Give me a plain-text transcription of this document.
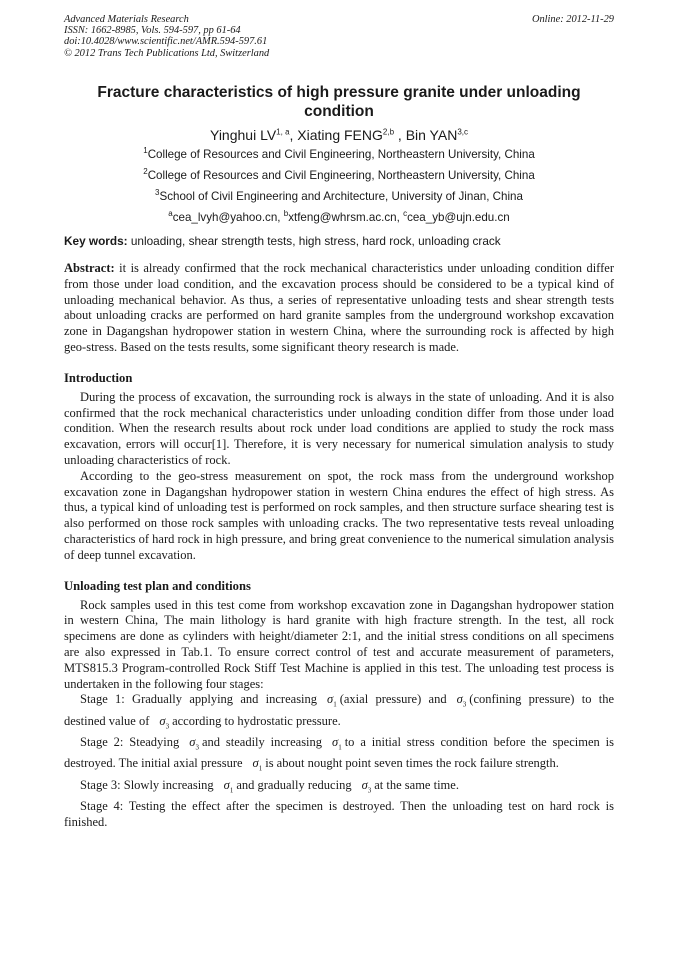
Advanced Materials Research
ISSN: 1662-8985, Vols. 594-597, pp 61-64
doi:10.4028/www.scientific.net/AMR.594-597.61
© 2012 Trans Tech Publications Ltd, Switzerland
Online: 2012-11-29
Fracture characteristics of high pressure granite under unloading condition
Yinghui LV$^{1, a}$, Xiating FENG$^{2,b}$ , Bin YAN$^{3,c}$
$^1$College of Resources and Civil Engineering, Northeastern University, China
$^2$College of Resources and Civil Engineering, Northeastern University, China
$^3$School of Civil Engineering and Architecture, University of Jinan, China
$^a$cea_lvyh@yahoo.cn, $^b$xtfeng@whrsm.ac.cn, $^c$cea_yb@ujn.edu.cn
Key words: unloading, shear strength tests, high stress, hard rock, unloading crack
Abstract: it is already confirmed that the rock mechanical characteristics under unloading condition differ from those under load condition, and the excavation process should be considered to be a typical kind of unloading mechanical behavior. As thus, a series of representative unloading tests and shear strength tests about unloading cracks are performed on hard granite samples from the underground workshop excavation zone in Dagangshan hydropower station in western China, where the surrounding rock is affected by high geo-stress. Based on the tests results, some significant theory research is made.
Introduction

During the process of excavation, the surrounding rock is always in the state of unloading. And it is also confirmed that the rock mechanical characteristics under unloading condition differ from those under load condition. When the research results about rock under load conditions are applied to study the rock mass excavation, errors will occur[1]. Therefore, it is very necessary for numerical simulation analysis to study unloading characteristics of rock.

According to the geo-stress measurement on spot, the rock mass from the underground workshop excavation zone in Dagangshan hydropower station in western China endures the effect of high stress. As thus, a typical kind of unloading test is performed on rock samples, and then structure surface shearing test is also performed on those rock samples with unloading cracks. The two representative tests reveal unloading characteristics of hard rock in high pressure, and bring great convenience to the numerical simulation analysis of deep tunnel excavation.

Unloading test plan and conditions

Rock samples used in this test come from workshop excavation zone in Dagangshan hydropower station in western China, The main lithology is hard granite with high fracture strength. In the test, all rock specimens are done as cylinders with height/diameter 2:1, and the initial stress conditions on all specimens are also expressed in Tab.1. To ensure correct control of test and accurate measurement of parameters, MTS815.3 Program-controlled Rock Stiff Test Machine is applied in this test. The unloading test process is undertaken in the following four stages:

Stage 1: Gradually applying and increasing $\sigma_1$ (axial pressure) and $\sigma_3$ (confining pressure) to the destined value of $\sigma_3$ according to hydrostatic pressure.

Stage 2: Steadying $\sigma_3$ and steadily increasing $\sigma_1$ to a initial stress condition before the specimen is destroyed. The initial axial pressure $\sigma_1$ is about nought point seven times the rock failure strength.

Stage 3: Slowly increasing $\sigma_1$ and gradually reducing $\sigma_3$ at the same time.

Stage 4: Testing the effect after the specimen is destroyed. Then the unloading test on hard rock is finished.
